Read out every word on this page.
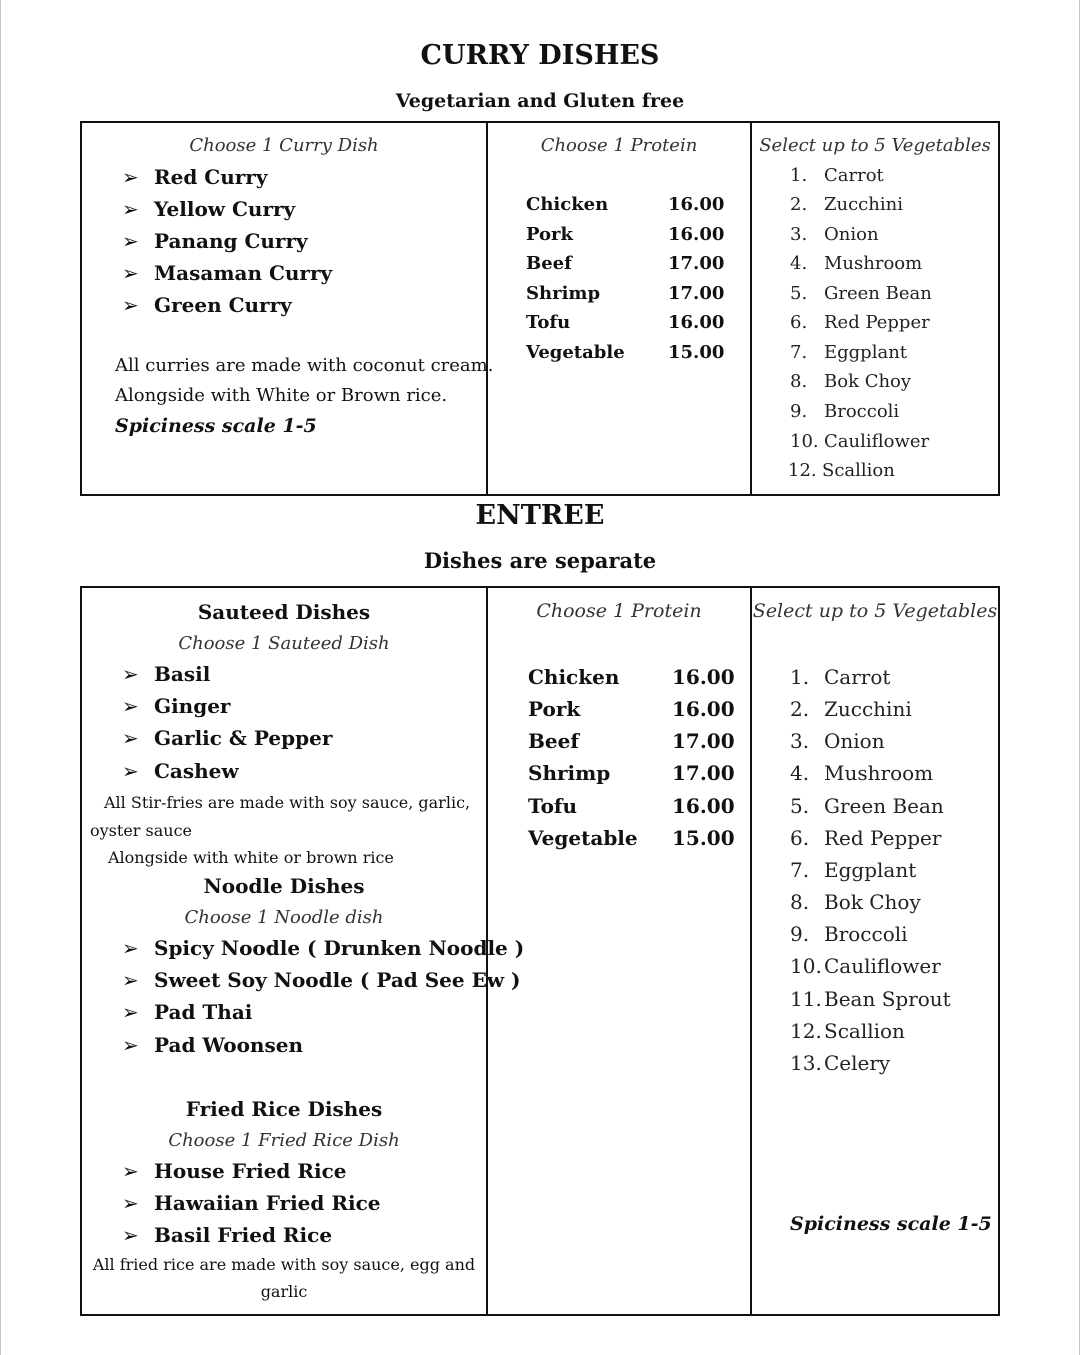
CURRY DISHES
Vegetarian and Gluten free
Choose 1 Curry Dish
➢ Red Curry
➢ Yellow Curry
➢ Panang Curry
➢ Masaman Curry
➢ Green Curry
All curries are made with coconut cream.
Alongside with White or Brown rice.
Spiciness scale 1-5
Choose 1 Protein
Chicken	16.00
Pork	16.00
Beef	17.00
Shrimp	17.00
Tofu	16.00
Vegetable 15.00
Select up to 5 Vegetables
1. Carrot
2. Zucchini
3. Onion
4. Mushroom
5. Green Bean
6. Red Pepper
7. Eggplant
8. Bok Choy
9. Broccoli
10. Cauliflower
12. Scallion
ENTREE
Dishes are separate
Sauteed Dishes
Choose 1 Sauteed Dish
➢ Basil
➢ Ginger
➢ Garlic & Pepper
➢ Cashew
All Stir-fries are made with soy sauce, garlic,
oyster sauce
Alongside with white or brown rice
Noodle Dishes
Choose 1 Noodle dish
➢ Spicy Noodle ( Drunken Noodle )
➢ Sweet Soy Noodle ( Pad See Ew )
➢ Pad Thai
➢ Pad Woonsen
Fried Rice Dishes
Choose 1 Fried Rice Dish
➢ House Fried Rice
➢ Hawaiian Fried Rice
➢ Basil Fried Rice
All fried rice are made with soy sauce, egg and
garlic
Choose 1 Protein
Chicken	16.00
Pork	16.00
Beef	17.00
Shrimp	17.00
Tofu	16.00
Vegetable 15.00
Select up to 5 Vegetables
1. Carrot
2. Zucchini
3. Onion
4. Mushroom
5. Green Bean
6. Red Pepper
7. Eggplant
8. Bok Choy
9. Broccoli
10. Cauliflower
11. Bean Sprout
12. Scallion
13. Celery
Spiciness scale 1-5
